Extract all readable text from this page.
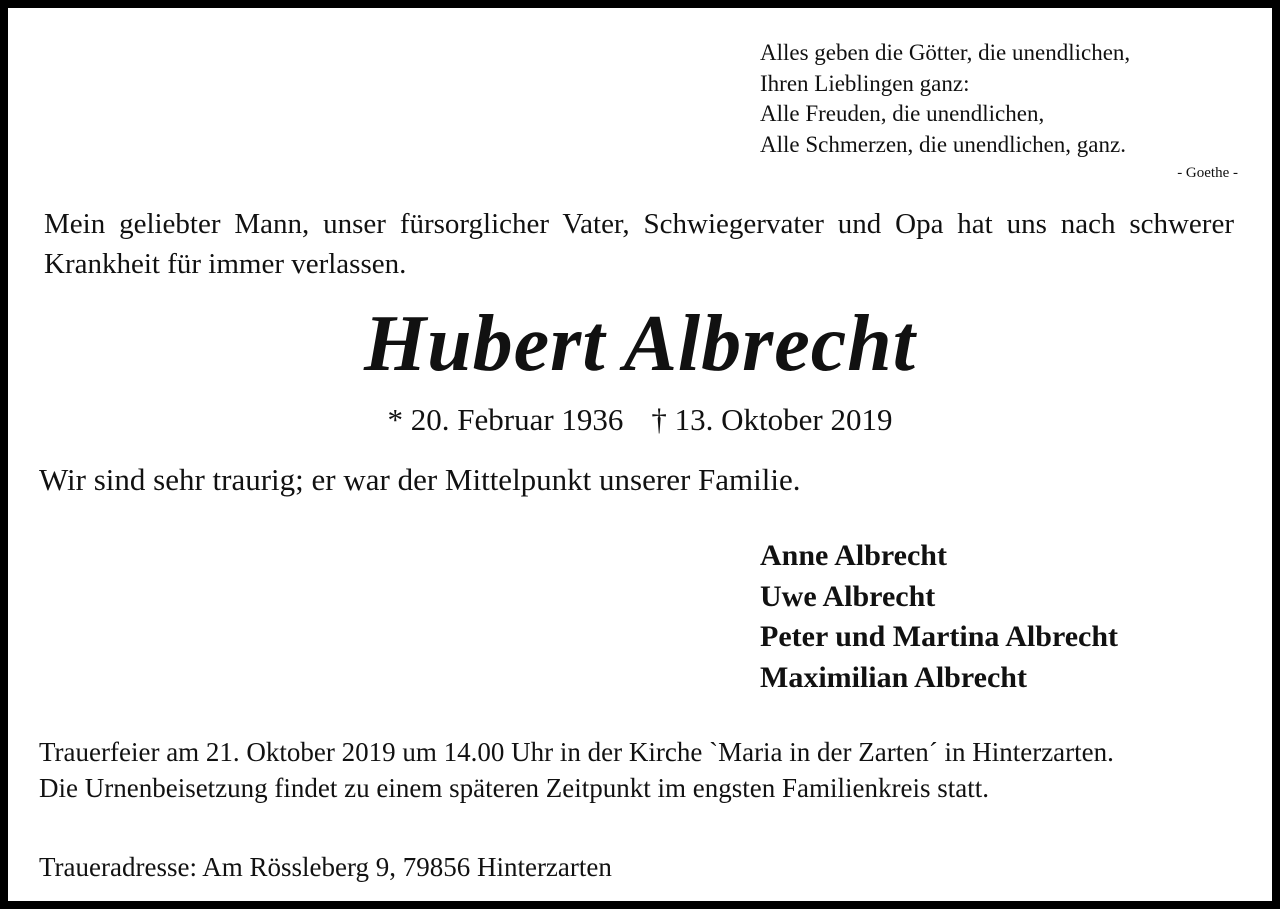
Alles geben die Götter, die unendlichen,
Ihren Lieblingen ganz:
Alle Freuden, die unendlichen,
Alle Schmerzen, die unendlichen, ganz.
- Goethe -
Mein geliebter Mann, unser fürsorglicher Vater, Schwiegervater und Opa hat uns nach schwerer Krankheit für immer verlassen.
Hubert Albrecht
* 20. Februar 1936 † 13. Oktober 2019
Wir sind sehr traurig; er war der Mittelpunkt unserer Familie.
Anne Albrecht
Uwe Albrecht
Peter und Martina Albrecht
Maximilian Albrecht
Trauerfeier am 21. Oktober 2019 um 14.00 Uhr in der Kirche `Maria in der Zarten´ in Hinterzarten.
Die Urnenbeisetzung findet zu einem späteren Zeitpunkt im engsten Familienkreis statt.
Traueradresse: Am Rössleberg 9, 79856 Hinterzarten
